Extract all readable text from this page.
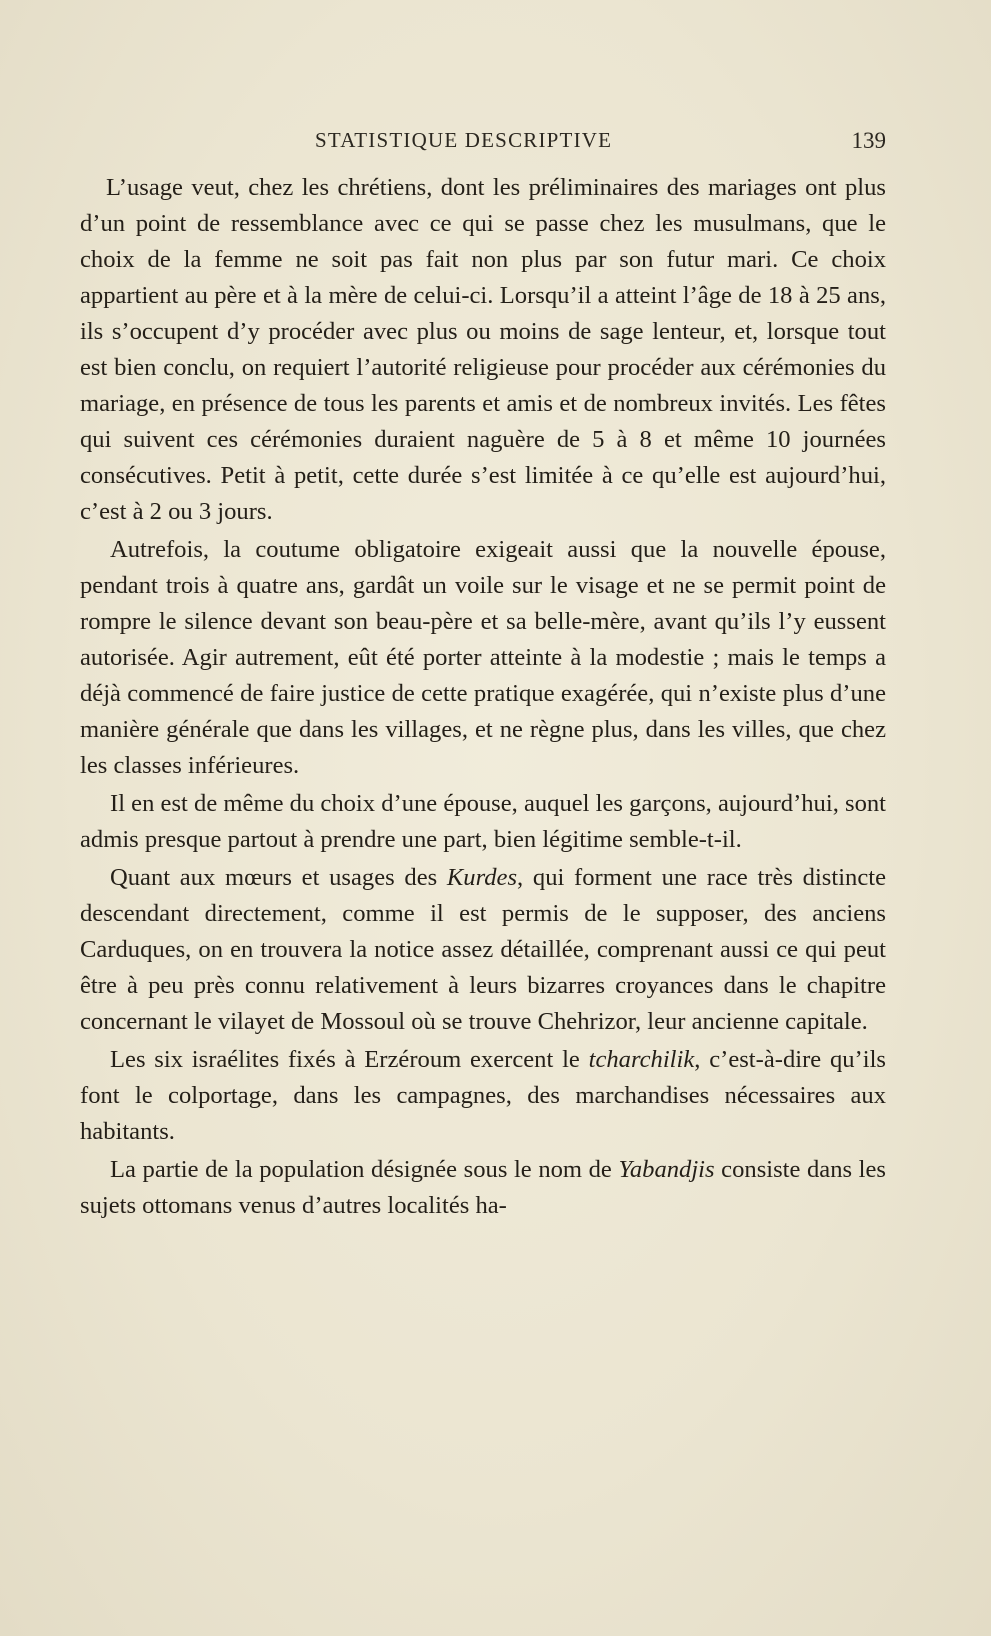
STATISTIQUE DESCRIPTIVE	139

L’usage veut, chez les chrétiens, dont les préliminaires des mariages ont plus d’un point de ressemblance avec ce qui se passe chez les musulmans, que le choix de la femme ne soit pas fait non plus par son futur mari. Ce choix appartient au père et à la mère de celui-ci. Lorsqu’il a atteint l’âge de 18 à 25 ans, ils s’occupent d’y procéder avec plus ou moins de sage lenteur, et, lorsque tout est bien conclu, on requiert l’autorité religieuse pour procéder aux cérémonies du mariage, en présence de tous les parents et amis et de nombreux invités. Les fêtes qui suivent ces cérémonies duraient naguère de 5 à 8 et même 10 journées consécutives. Petit à petit, cette durée s’est limitée à ce qu’elle est aujourd’hui, c’est à 2 ou 3 jours.

Autrefois, la coutume obligatoire exigeait aussi que la nouvelle épouse, pendant trois à quatre ans, gardât un voile sur le visage et ne se permit point de rompre le silence devant son beau-père et sa belle-mère, avant qu’ils l’y eussent autorisée. Agir autrement, eût été porter atteinte à la modestie ; mais le temps a déjà commencé de faire justice de cette pratique exagérée, qui n’existe plus d’une manière générale que dans les villages, et ne règne plus, dans les villes, que chez les classes inférieures.

Il en est de même du choix d’une épouse, auquel les garçons, aujourd’hui, sont admis presque partout à prendre une part, bien légitime semble-t-il.

Quant aux mœurs et usages des Kurdes, qui forment une race très distincte descendant directement, comme il est permis de le supposer, des anciens Carduques, on en trouvera la notice assez détaillée, comprenant aussi ce qui peut être à peu près connu relativement à leurs bizarres croyances dans le chapitre concernant le vilayet de Mossoul où se trouve Chehrizor, leur ancienne capitale.

Les six israélites fixés à Erzéroum exercent le tcharchilik, c’est-à-dire qu’ils font le colportage, dans les campagnes, des marchandises nécessaires aux habitants.

La partie de la population désignée sous le nom de Yabandjis consiste dans les sujets ottomans venus d’autres localités ha-
